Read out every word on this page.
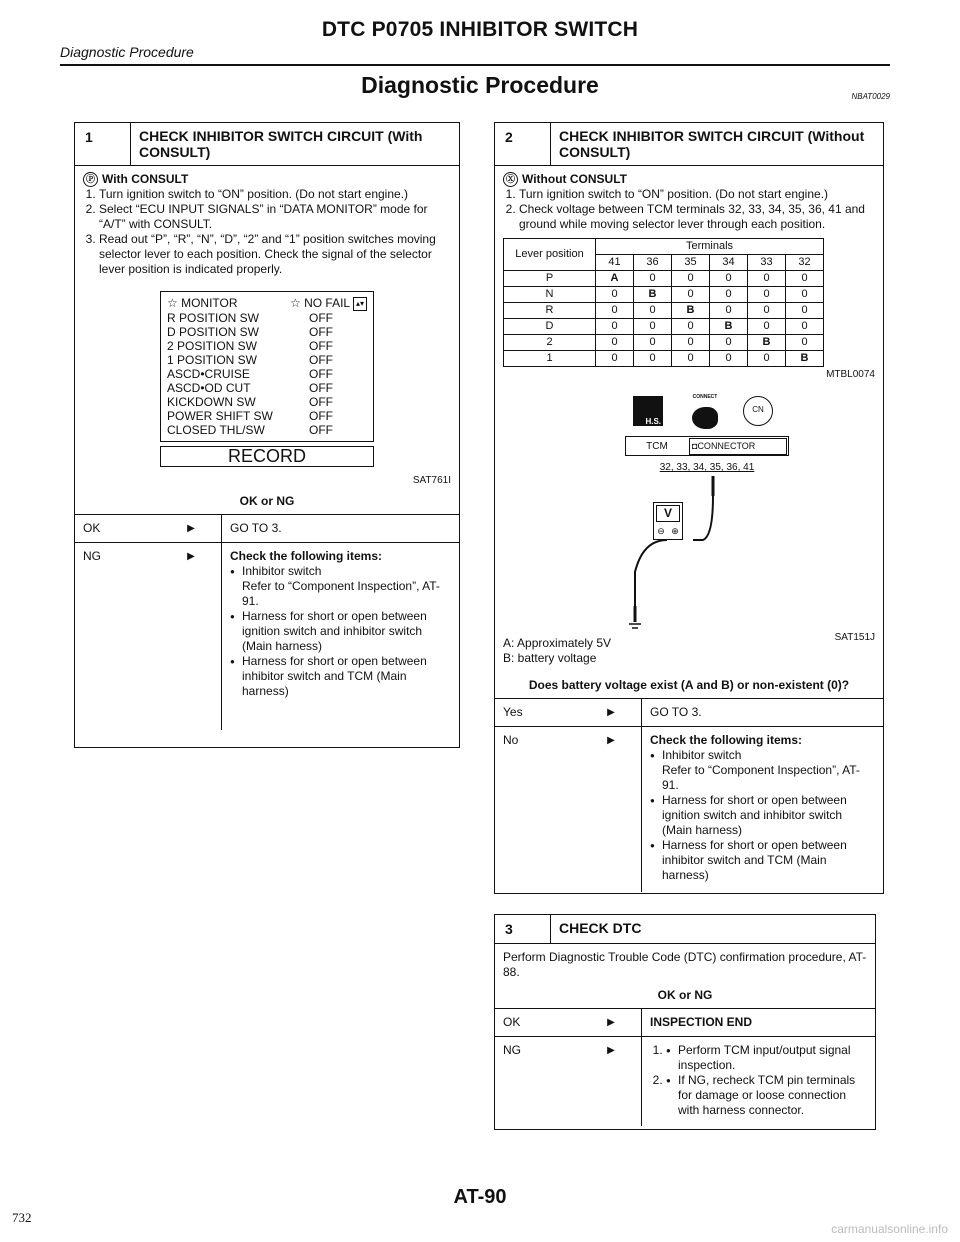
DTC P0705 INHIBITOR SWITCH
Diagnostic Procedure
Diagnostic Procedure	NBAT0029
1	CHECK INHIBITOR SWITCH CIRCUIT (With CONSULT)
Ⓟ With CONSULT
1. Turn ignition switch to “ON” position. (Do not start engine.)
2. Select “ECU INPUT SIGNALS” in “DATA MONITOR” mode for “A/T” with CONSULT.
3. Read out “P”, “R”, “N”, “D”, “2” and “1” position switches moving selector lever to each position. Check the signal of the selector lever position is indicated properly.
☆ MONITOR	☆ NO FAIL ▴▾
R POSITION SW	OFF
D POSITION SW	OFF
2 POSITION SW	OFF
1 POSITION SW	OFF
ASCD•CRUISE	OFF
ASCD•OD CUT	OFF
KICKDOWN SW	OFF
POWER SHIFT SW	OFF
CLOSED THL/SW	OFF
RECORD
SAT761I
OK or NG
OK	▶	GO TO 3.
NG	▶	Check the following items:
● Inhibitor switch
Refer to “Component Inspection”, AT-91.
● Harness for short or open between ignition switch and inhibitor switch (Main harness)
● Harness for short or open between inhibitor switch and TCM (Main harness)
2	CHECK INHIBITOR SWITCH CIRCUIT (Without CONSULT)
Ⓧ Without CONSULT
1. Turn ignition switch to “ON” position. (Do not start engine.)
2. Check voltage between TCM terminals 32, 33, 34, 35, 36, 41 and ground while moving selector lever through each position.
Lever position	Terminals					
	41	36	35	34	33	32
P	A	0	0	0	0	0
N	0	B	0	0	0	0
R	0	0	B	0	0	0
D	0	0	0	B	0	0
2	0	0	0	0	B	0
1	0	0	0	0	0	B
MTBL0074
H.S.
CONNECT
CN
TCM	◘CONNECTOR
32, 33, 34, 35, 36, 41
V
⊖ ⊕
SAT151J
A: Approximately 5V
B: battery voltage
Does battery voltage exist (A and B) or non-existent (0)?
Yes	▶	GO TO 3.
No	▶	Check the following items:
● Inhibitor switch
Refer to “Component Inspection”, AT-91.
● Harness for short or open between ignition switch and inhibitor switch (Main harness)
● Harness for short or open between inhibitor switch and TCM (Main harness)
3	CHECK DTC
Perform Diagnostic Trouble Code (DTC) confirmation procedure, AT-88.
OK or NG
OK	▶	INSPECTION END
NG	▶	● 1. Perform TCM input/output signal inspection.
● 2. If NG, recheck TCM pin terminals for damage or loose connection with harness connector.
AT-90
732
carmanualsonline.info
